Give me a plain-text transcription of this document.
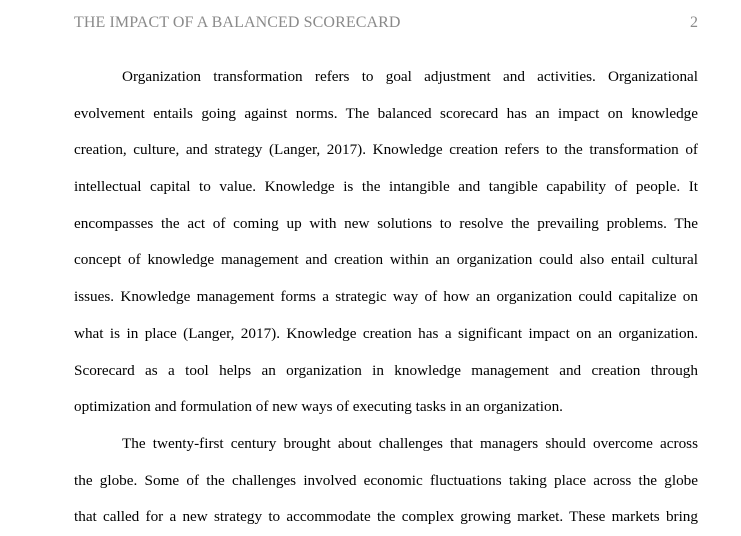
THE IMPACT OF A BALANCED SCORECARD	2
Organization transformation refers to goal adjustment and activities. Organizational
evolvement entails going against norms. The balanced scorecard has an impact on knowledge
creation, culture, and strategy (Langer, 2017). Knowledge creation refers to the transformation of
intellectual capital to value. Knowledge is the intangible and tangible capability of people. It
encompasses the act of coming up with new solutions to resolve the prevailing problems. The
concept of knowledge management and creation within an organization could also entail cultural
issues. Knowledge management forms a strategic way of how an organization could capitalize on
what is in place (Langer, 2017). Knowledge creation has a significant impact on an organization.
Scorecard as a tool helps an organization in knowledge management and creation through
optimization and formulation of new ways of executing tasks in an organization.
The twenty-first century brought about challenges that managers should overcome across
the globe. Some of the challenges involved economic fluctuations taking place across the globe
that called for a new strategy to accommodate the complex growing market. These markets bring
